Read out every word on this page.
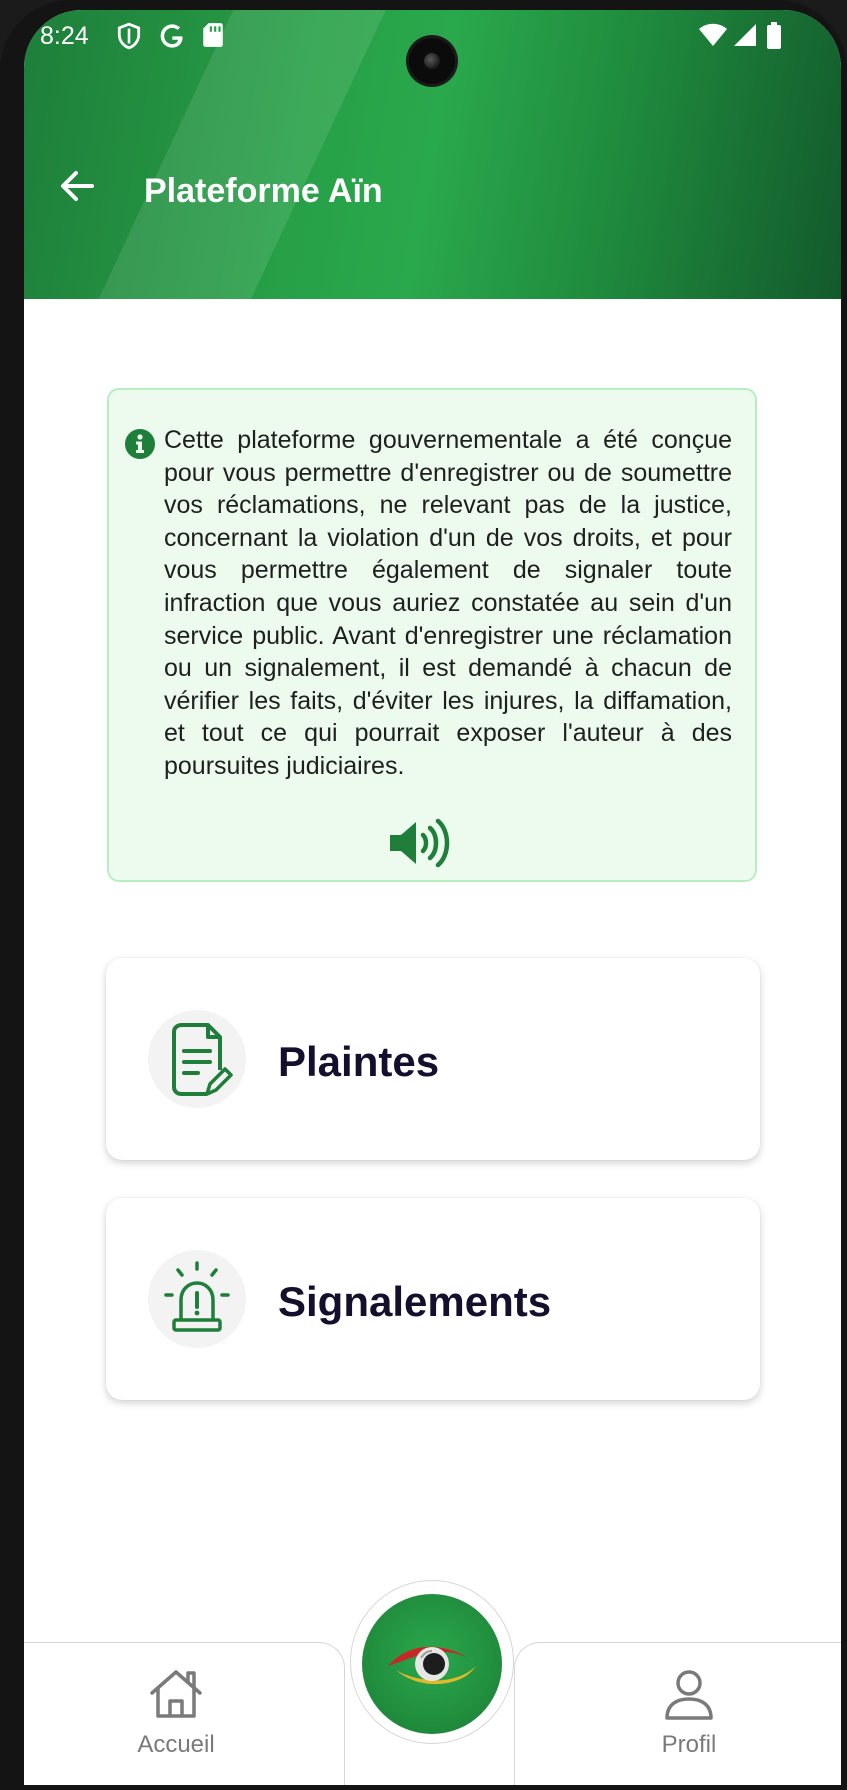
8:24
Plateforme Aïn
Cette plateforme gouvernementale a été conçue pour vous permettre d'enregistrer ou de soumettre vos réclamations, ne relevant pas de la justice, concernant la violation d'un de vos droits, et pour vous permettre également de signaler toute infraction que vous auriez constatée au sein d'un service public. Avant d'enregistrer une réclamation ou un signalement, il est demandé à chacun de vérifier les faits, d'éviter les injures, la diffamation, et tout ce qui pourrait exposer l'auteur à des poursuites judiciaires.
Plaintes
Signalements
Accueil	Profil
